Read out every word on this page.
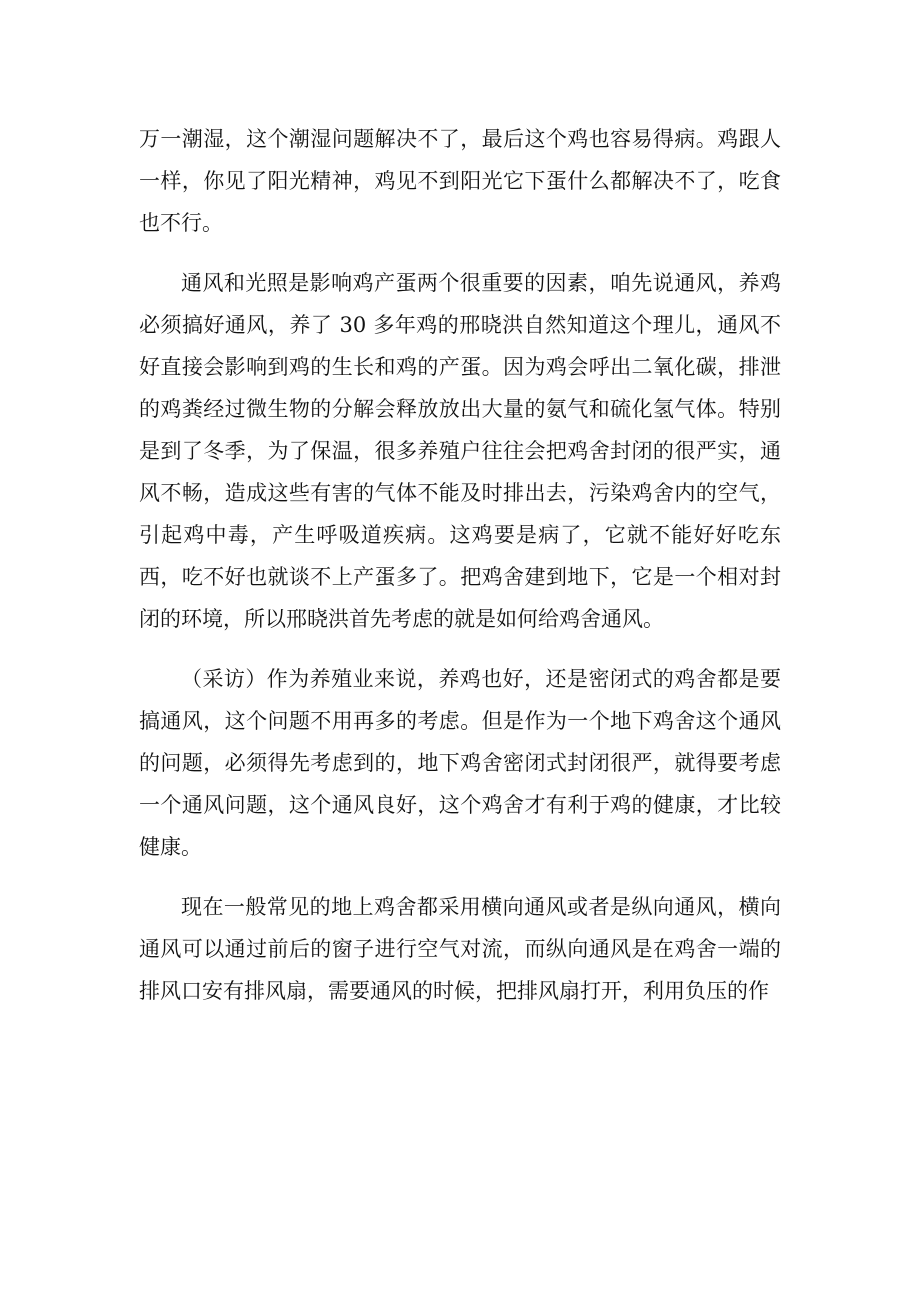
万一潮湿，这个潮湿问题解决不了，最后这个鸡也容易得病。鸡跟人一样，你见了阳光精神，鸡见不到阳光它下蛋什么都解决不了，吃食也不行。

通风和光照是影响鸡产蛋两个很重要的因素，咱先说通风，养鸡必须搞好通风，养了 30 多年鸡的邢晓洪自然知道这个理儿，通风不好直接会影响到鸡的生长和鸡的产蛋。因为鸡会呼出二氧化碳，排泄的鸡粪经过微生物的分解会释放放出大量的氨气和硫化氢气体。特别是到了冬季，为了保温，很多养殖户往往会把鸡舍封闭的很严实，通风不畅，造成这些有害的气体不能及时排出去，污染鸡舍内的空气，引起鸡中毒，产生呼吸道疾病。这鸡要是病了，它就不能好好吃东西，吃不好也就谈不上产蛋多了。把鸡舍建到地下，它是一个相对封闭的环境，所以邢晓洪首先考虑的就是如何给鸡舍通风。

（采访）作为养殖业来说，养鸡也好，还是密闭式的鸡舍都是要搞通风，这个问题不用再多的考虑。但是作为一个地下鸡舍这个通风的问题，必须得先考虑到的，地下鸡舍密闭式封闭很严，就得要考虑一个通风问题，这个通风良好，这个鸡舍才有利于鸡的健康，才比较健康。

现在一般常见的地上鸡舍都采用横向通风或者是纵向通风，横向通风可以通过前后的窗子进行空气对流，而纵向通风是在鸡舍一端的排风口安有排风扇，需要通风的时候，把排风扇打开，利用负压的作
